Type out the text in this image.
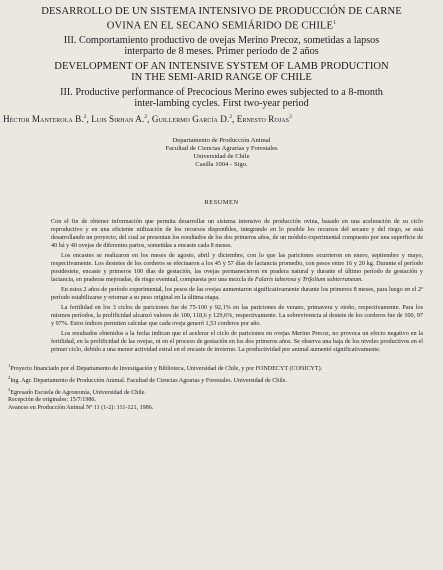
DESARROLLO DE UN SISTEMA INTENSIVO DE PRODUCCIÓN DE CARNE
OVINA EN EL SECANO SEMIÁRIDO DE CHILE$^1$
III. Comportamiento productivo de ovejas Merino Precoz, sometidas a lapsos
interparto de 8 meses. Primer período de 2 años
DEVELOPMENT OF AN INTENSIVE SYSTEM OF LAMB PRODUCTION
IN THE SEMI-ARID RANGE OF CHILE
III. Productive performance of Precocious Merino ewes subjected to a 8-month
inter-lambing cycles. First two-year period
Héctor Manterola B.$^2$, Luis Sirhan A.$^2$, Guillermo García D.$^2$, Ernesto Rojas$^3$
Departamento de Producción Animal
Facultad de Ciencias Agrarias y Forestales
Universidad de Chile
Casilla 1004 - Stgo.
RESUMEN

Con el fin de obtener información que permita desarrollar un sistema intensivo de producción ovina, basado en una aceleración de su ciclo reproductivo y en una eficiente utilización de los recursos disponibles, integrando en lo posible los recursos del secano y del riego, se está desarrollando un proyecto, del cual se presentan los resultados de los dos primeros años, de un módulo experimental compuesto por una superficie de 40 há y 40 ovejas de diferentes partos, sometidas a encaste cada 8 meses.

Los encastes se realizaron en los meses de agosto, abril y diciembre, con lo que las pariciones ocurrieron en enero, septiembre y mayo, respectivamente. Los destetes de los corderos se efectuaron a los 45 y 57 días de lactancia promedio, con pesos entre 16 y 20 kg. Durante el período postdestete, encaste y primeros 100 días de gestación, las ovejas permanecieron en pradera natural y durante el último período de gestación y lactancia, en praderas mejoradas, de riego eventual, compuesta por una mezcla de Falaris tuberosa y Trifolium subterraneum.

En estos 2 años de período experimental, los pesos de las ovejas aumentaron significativamente durante los primeros 8 meses, para luego en el 2º período estabilizarse y retornar a su peso original en la última etapa.

La fertilidad en los 3 ciclos de pariciones fue de 75-100 y 92,1% en las pariciones de verano, primavera y otoño, respectivamente. Para los mismos períodos, la prolificidad alcanzó valores de 100, 118,6 y 129,6%, respectivamente. La sobrevivencia al destete de los corderos fue de 100, 97 y 97%. Estos índices permiten calcular que cada oveja generó 1,53 corderos por año.

Los resultados obtenidos a la fecha indican que el acelerar el ciclo de pariciones en ovejas Merino Precoz, no provoca un efecto negativo en la fertilidad, en la prolificidad de las ovejas, ni en el proceso de gestación en los dos primeros años. Se observa una baja de los niveles productivos en el primer ciclo, debido a una menor actividad estral en el encaste de invierno. La productividad por animal aumentó significativamente.

$^1$Proyecto financiado por el Departamento de Investigación y Biblioteca, Universidad de Chile, y por FONDECYT (CONICYT).
$^2$Ing. Agr. Departamento de Producción Animal. Facultad de Ciencias Agrarias y Forestales. Universidad de Chile.
$^3$Egresado Escuela de Agronomía, Universidad de Chile.
Recepción de originales: 15/7/1986.
Avances en Producción Animal Nº 11 (1-2): 111-121, 1986.
